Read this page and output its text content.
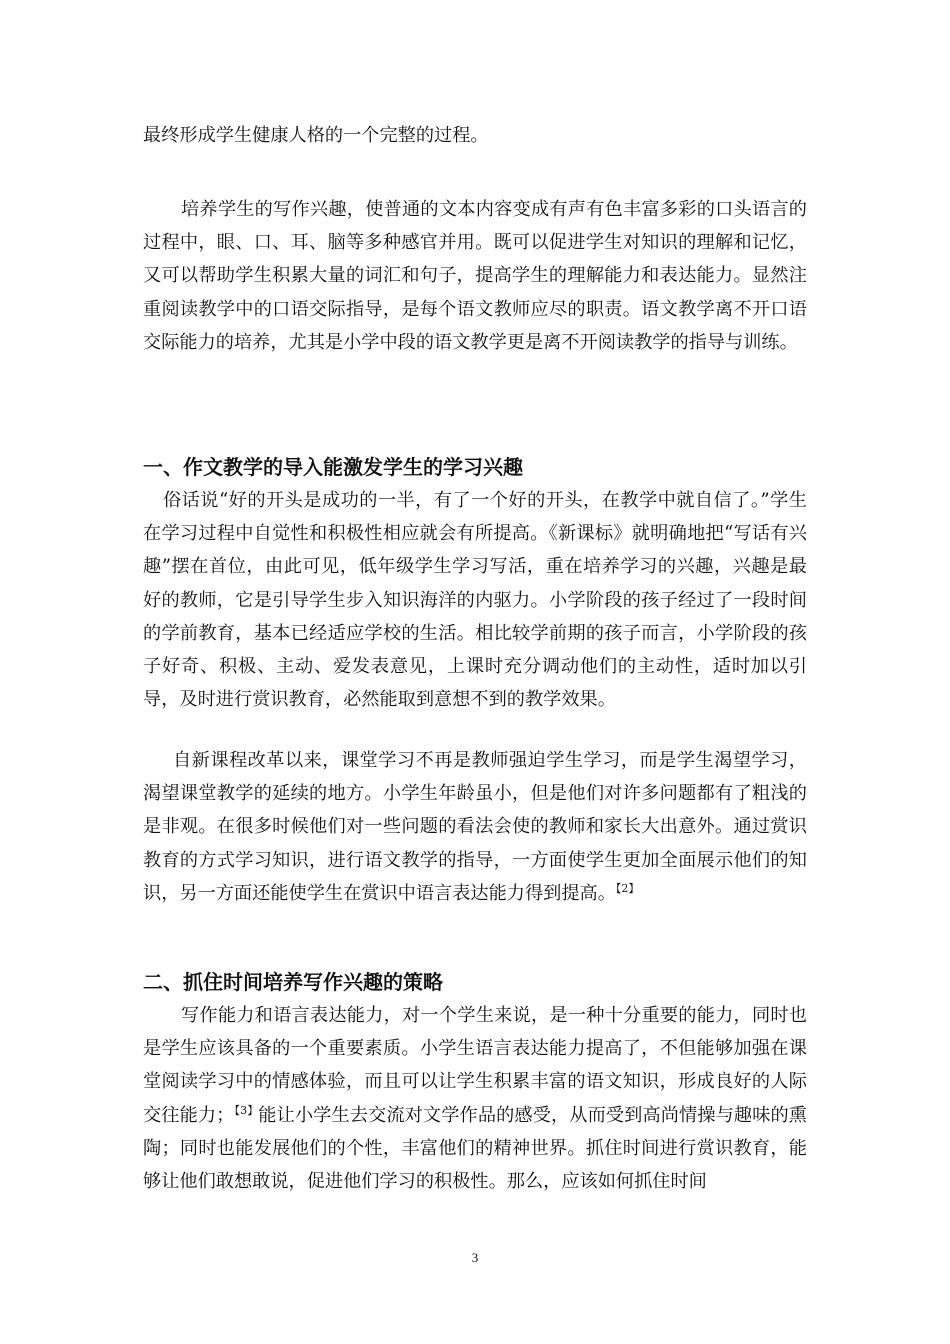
最终形成学生健康人格的一个完整的过程。
培养学生的写作兴趣，使普通的文本内容变成有声有色丰富多彩的口头语言的过程中，眼、口、耳、脑等多种感官并用。既可以促进学生对知识的理解和记忆，又可以帮助学生积累大量的词汇和句子，提高学生的理解能力和表达能力。显然注重阅读教学中的口语交际指导，是每个语文教师应尽的职责。语文教学离不开口语交际能力的培养，尤其是小学中段的语文教学更是离不开阅读教学的指导与训练。
一、作文教学的导入能激发学生的学习兴趣
俗话说“好的开头是成功的一半，有了一个好的开头，在教学中就自信了。”学生在学习过程中自觉性和积极性相应就会有所提高。《新课标》就明确地把“写话有兴趣”摆在首位，由此可见，低年级学生学习写活，重在培养学习的兴趣，兴趣是最好的教师，它是引导学生步入知识海洋的内驱力。小学阶段的孩子经过了一段时间的学前教育，基本已经适应学校的生活。相比较学前期的孩子而言，小学阶段的孩子好奇、积极、主动、爱发表意见，上课时充分调动他们的主动性，适时加以引导，及时进行赏识教育，必然能取到意想不到的教学效果。
自新课程改革以来，课堂学习不再是教师强迫学生学习，而是学生渴望学习，渴望课堂教学的延续的地方。小学生年龄虽小，但是他们对许多问题都有了粗浅的是非观。在很多时候他们对一些问题的看法会使的教师和家长大出意外。通过赏识教育的方式学习知识，进行语文教学的指导，一方面使学生更加全面展示他们的知识，另一方面还能使学生在赏识中语言表达能力得到提高。$^{【2】}$
二、抓住时间培养写作兴趣的策略
写作能力和语言表达能力，对一个学生来说，是一种十分重要的能力，同时也是学生应该具备的一个重要素质。小学生语言表达能力提高了，不但能够加强在课堂阅读学习中的情感体验，而且可以让学生积累丰富的语文知识，形成良好的人际交往能力；$^{【3】}$能让小学生去交流对文学作品的感受，从而受到高尚情操与趣味的熏陶；同时也能发展他们的个性，丰富他们的精神世界。抓住时间进行赏识教育，能够让他们敢想敢说，促进他们学习的积极性。那么，应该如何抓住时间
3
